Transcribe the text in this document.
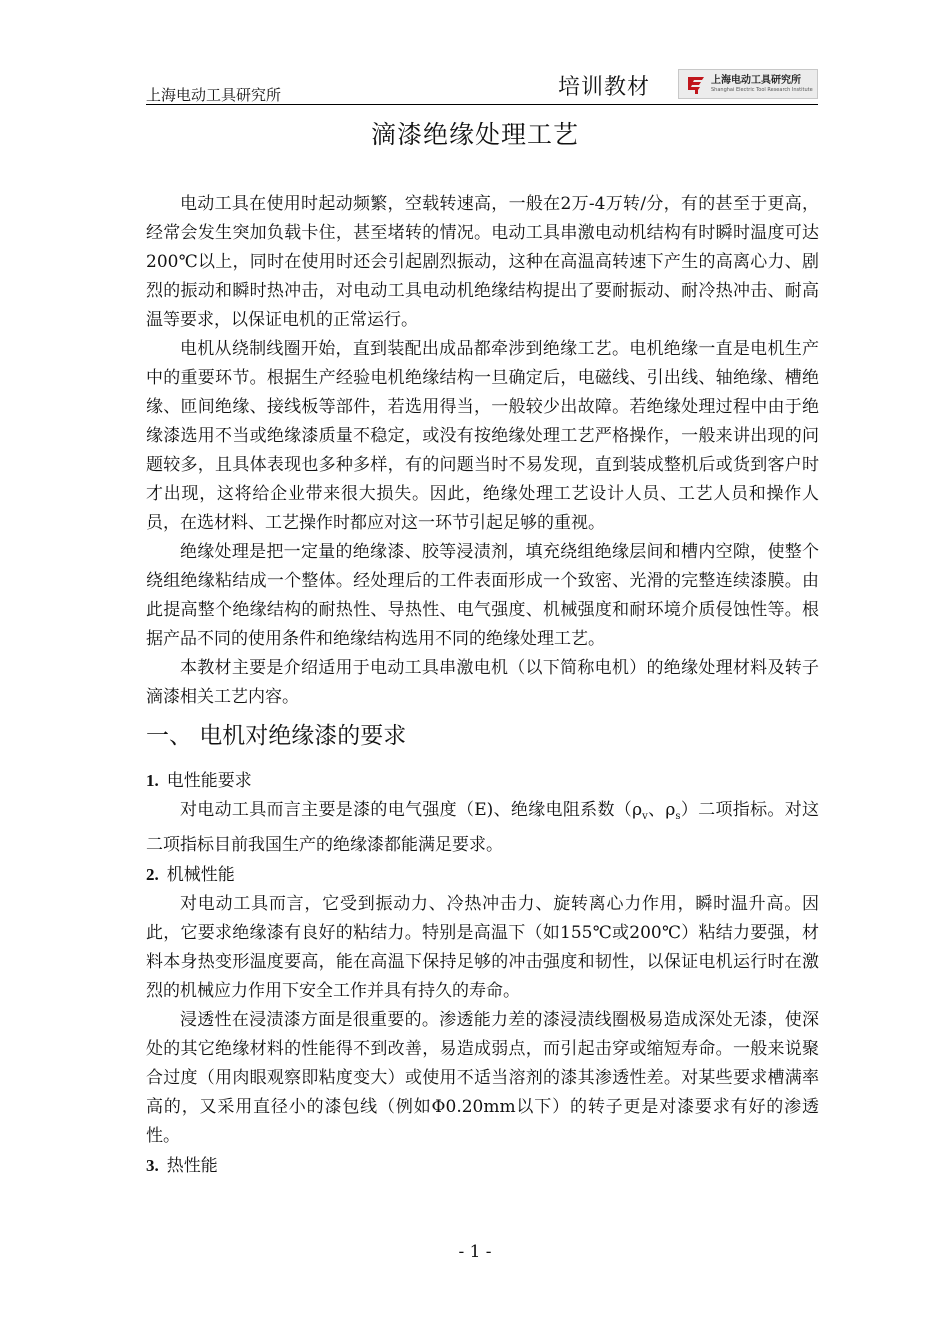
上海电动工具研究所	培训教材	上海电动工具研究所
Shanghai Electric Tool Research Institute
滴漆绝缘处理工艺

电动工具在使用时起动频繁，空载转速高，一般在2万-4万转/分，有的甚至于更高，经常会发生突加负载卡住，甚至堵转的情况。电动工具串激电动机结构有时瞬时温度可达200℃以上，同时在使用时还会引起剧烈振动，这种在高温高转速下产生的高离心力、剧烈的振动和瞬时热冲击，对电动工具电动机绝缘结构提出了要耐振动、耐冷热冲击、耐高温等要求，以保证电机的正常运行。

电机从绕制线圈开始，直到装配出成品都牵涉到绝缘工艺。电机绝缘一直是电机生产中的重要环节。根据生产经验电机绝缘结构一旦确定后，电磁线、引出线、轴绝缘、槽绝缘、匝间绝缘、接线板等部件，若选用得当，一般较少出故障。若绝缘处理过程中由于绝缘漆选用不当或绝缘漆质量不稳定，或没有按绝缘处理工艺严格操作，一般来讲出现的问题较多，且具体表现也多种多样，有的问题当时不易发现，直到装成整机后或货到客户时才出现，这将给企业带来很大损失。因此，绝缘处理工艺设计人员、工艺人员和操作人员，在选材料、工艺操作时都应对这一环节引起足够的重视。

绝缘处理是把一定量的绝缘漆、胶等浸渍剂，填充绕组绝缘层间和槽内空隙，使整个绕组绝缘粘结成一个整体。经处理后的工件表面形成一个致密、光滑的完整连续漆膜。由此提高整个绝缘结构的耐热性、导热性、电气强度、机械强度和耐环境介质侵蚀性等。根据产品不同的使用条件和绝缘结构选用不同的绝缘处理工艺。

本教材主要是介绍适用于电动工具串激电机（以下简称电机）的绝缘处理材料及转子滴漆相关工艺内容。

一、 电机对绝缘漆的要求
1. 电性能要求

对电动工具而言主要是漆的电气强度（E)、绝缘电阻系数（$\rho_v$、$\rho_s$）二项指标。对这二项指标目前我国生产的绝缘漆都能满足要求。

2. 机械性能

对电动工具而言，它受到振动力、冷热冲击力、旋转离心力作用，瞬时温升高。因此，它要求绝缘漆有良好的粘结力。特别是高温下（如155℃或200℃）粘结力要强，材料本身热变形温度要高，能在高温下保持足够的冲击强度和韧性，以保证电机运行时在激烈的机械应力作用下安全工作并具有持久的寿命。

浸透性在浸渍漆方面是很重要的。渗透能力差的漆浸渍线圈极易造成深处无漆，使深处的其它绝缘材料的性能得不到改善，易造成弱点，而引起击穿或缩短寿命。一般来说聚合过度（用肉眼观察即粘度变大）或使用不适当溶剂的漆其渗透性差。对某些要求槽满率高的，又采用直径小的漆包线（例如Φ0.20mm以下）的转子更是对漆要求有好的渗透性。

3. 热性能
- 1 -
